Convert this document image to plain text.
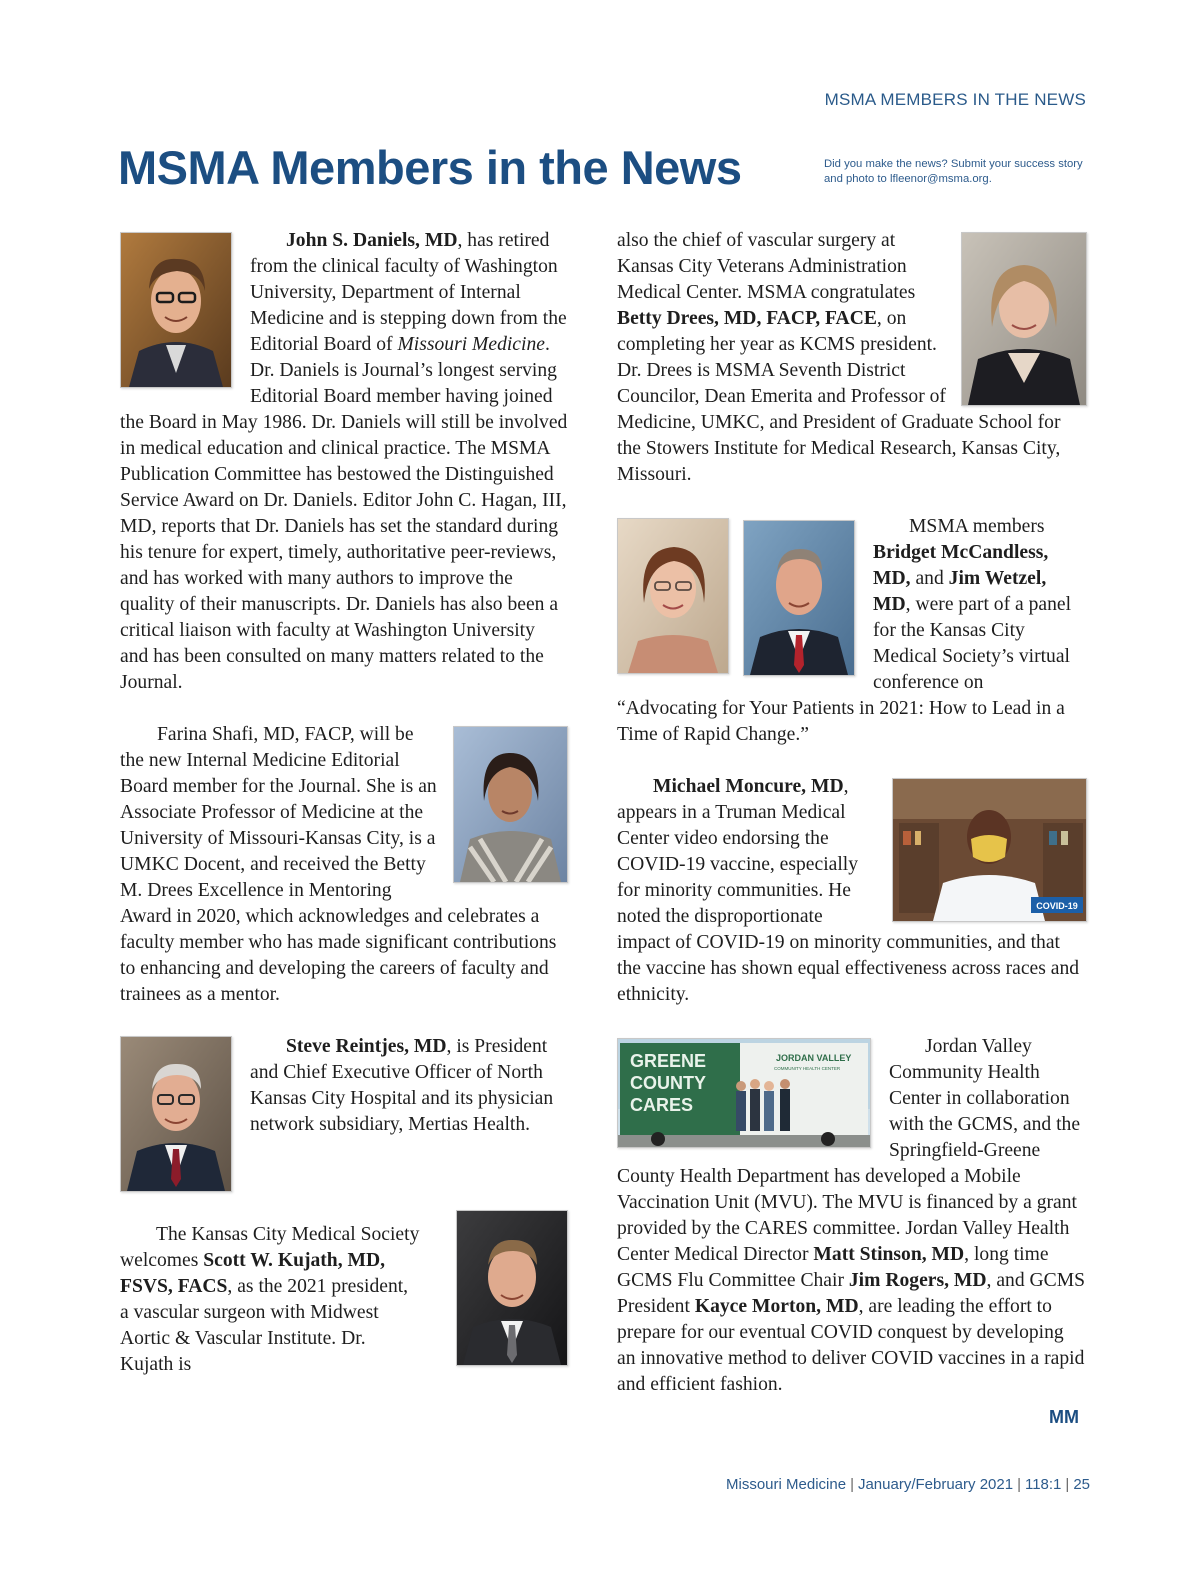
MSMA MEMBERS IN THE NEWS
MSMA Members in the News	Did you make the news? Submit your success story and photo to lfleenor@msma.org.

John S. Daniels, MD, has retired from the clinical faculty of Washington University, Department of Internal Medicine and is stepping down from the Editorial Board of Missouri Medicine. Dr. Daniels is Journal’s longest serving Editorial Board member having joined the Board in May 1986. Dr. Daniels will still be involved in medical education and clinical practice. The MSMA Publication Committee has bestowed the Distinguished Service Award on Dr. Daniels. Editor John C. Hagan, III, MD, reports that Dr. Daniels has set the standard during his tenure for expert, timely, authoritative peer-reviews, and has worked with many authors to improve the quality of their manuscripts. Dr. Daniels has also been a critical liaison with faculty at Washington University and has been consulted on many matters related to the Journal.

Farina Shafi, MD, FACP, will be the new Internal Medicine Editorial Board member for the Journal. She is an Associate Professor of Medicine at the University of Missouri-Kansas City, is a UMKC Docent, and received the Betty M. Drees Excellence in Mentoring Award in 2020, which acknowledges and celebrates a faculty member who has made significant contributions to enhancing and developing the careers of faculty and trainees as a mentor.

Steve Reintjes, MD, is President and Chief Executive Officer of North Kansas City Hospital and its physician network subsidiary, Mertias Health.

The Kansas City Medical Society welcomes Scott W. Kujath, MD, FSVS, FACS, as the 2021 president, a vascular surgeon with Midwest Aortic & Vascular Institute. Dr. Kujath is

also the chief of vascular surgery at Kansas City Veterans Administration Medical Center. MSMA congratulates Betty Drees, MD, FACP, FACE, on completing her year as KCMS president. Dr. Drees is MSMA Seventh District Councilor, Dean Emerita and Professor of Medicine, UMKC, and President of Graduate School for the Stowers Institute for Medical Research, Kansas City, Missouri.

MSMA members Bridget McCandless, MD, and Jim Wetzel, MD, were part of a panel for the Kansas City Medical Society’s virtual conference on “Advocating for Your Patients in 2021: How to Lead in a Time of Rapid Change.”

COVID-19

Michael Moncure, MD, appears in a Truman Medical Center video endorsing the COVID-19 vaccine, especially for minority communities. He noted the disproportionate impact of COVID-19 on minority communities, and that the vaccine has shown equal effectiveness across races and ethnicity.

GREENE
COUNTY
CARES
JORDAN VALLEY
COMMUNITY HEALTH CENTER

Jordan Valley Community Health Center in collaboration with the GCMS, and the Springfield-Greene County Health Department has developed a Mobile Vaccination Unit (MVU). The MVU is financed by a grant provided by the CARES committee. Jordan Valley Health Center Medical Director Matt Stinson, MD, long time GCMS Flu Committee Chair Jim Rogers, MD, and GCMS President Kayce Morton, MD, are leading the effort to prepare for our eventual COVID conquest by developing an innovative method to deliver COVID vaccines in a rapid and efficient fashion.

MM
Missouri Medicine | January/February 2021 | 118:1 | 25
